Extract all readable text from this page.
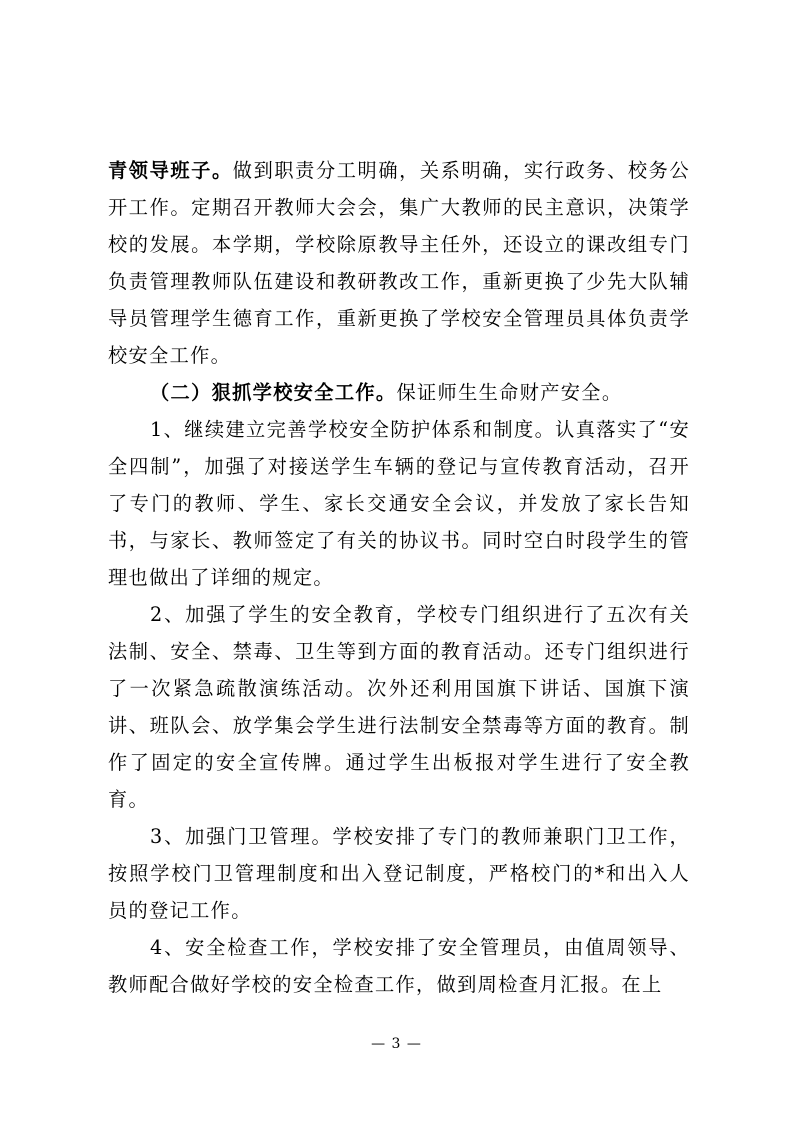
青领导班子。做到职责分工明确，关系明确，实行政务、校务公开工作。定期召开教师大会会，集广大教师的民主意识，决策学校的发展。本学期，学校除原教导主任外，还设立的课改组专门负责管理教师队伍建设和教研教改工作，重新更换了少先大队辅导员管理学生德育工作，重新更换了学校安全管理员具体负责学校安全工作。

（二）狠抓学校安全工作。保证师生生命财产安全。

1、继续建立完善学校安全防护体系和制度。认真落实了“安全四制”，加强了对接送学生车辆的登记与宣传教育活动，召开了专门的教师、学生、家长交通安全会议，并发放了家长告知书，与家长、教师签定了有关的协议书。同时空白时段学生的管理也做出了详细的规定。

2、加强了学生的安全教育，学校专门组织进行了五次有关法制、安全、禁毒、卫生等到方面的教育活动。还专门组织进行了一次紧急疏散演练活动。次外还利用国旗下讲话、国旗下演讲、班队会、放学集会学生进行法制安全禁毒等方面的教育。制作了固定的安全宣传牌。通过学生出板报对学生进行了安全教育。

3、加强门卫管理。学校安排了专门的教师兼职门卫工作，按照学校门卫管理制度和出入登记制度，严格校门的*和出入人员的登记工作。

4、安全检查工作，学校安排了安全管理员，由值周领导、教师配合做好学校的安全检查工作，做到周检查月汇报。在上

— 3 —
